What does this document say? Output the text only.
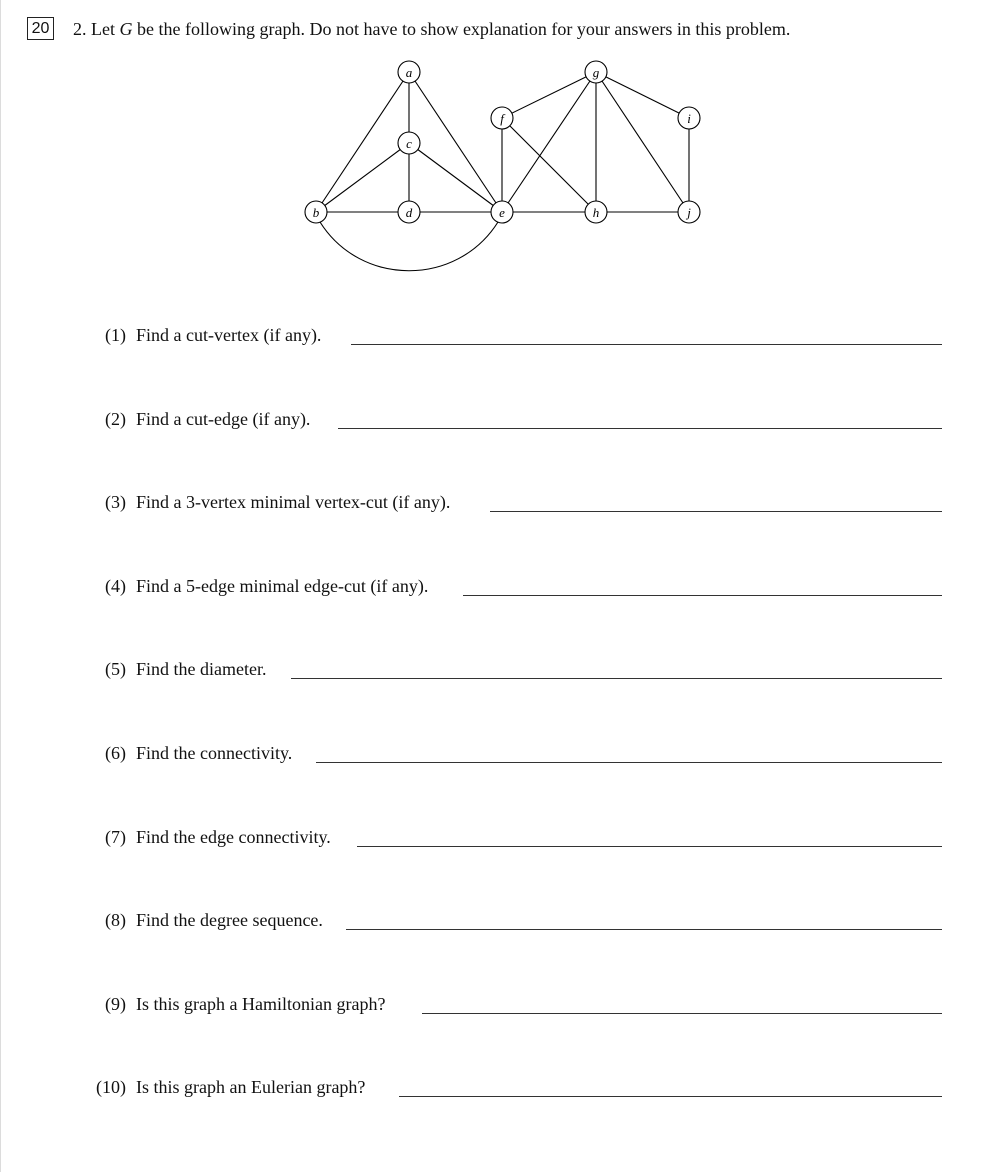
20 2. Let G be the following graph. Do not have to show explanation for your answers in this problem.
a
b
c
d	e
f
g
h
i
j
(1) Find a cut-vertex (if any).
(2) Find a cut-edge (if any).
(3) Find a 3-vertex minimal vertex-cut (if any).
(4) Find a 5-edge minimal edge-cut (if any).
(5) Find the diameter.
(6) Find the connectivity.
(7) Find the edge connectivity.
(8) Find the degree sequence.
(9) Is this graph a Hamiltonian graph?
(10) Is this graph an Eulerian graph?
